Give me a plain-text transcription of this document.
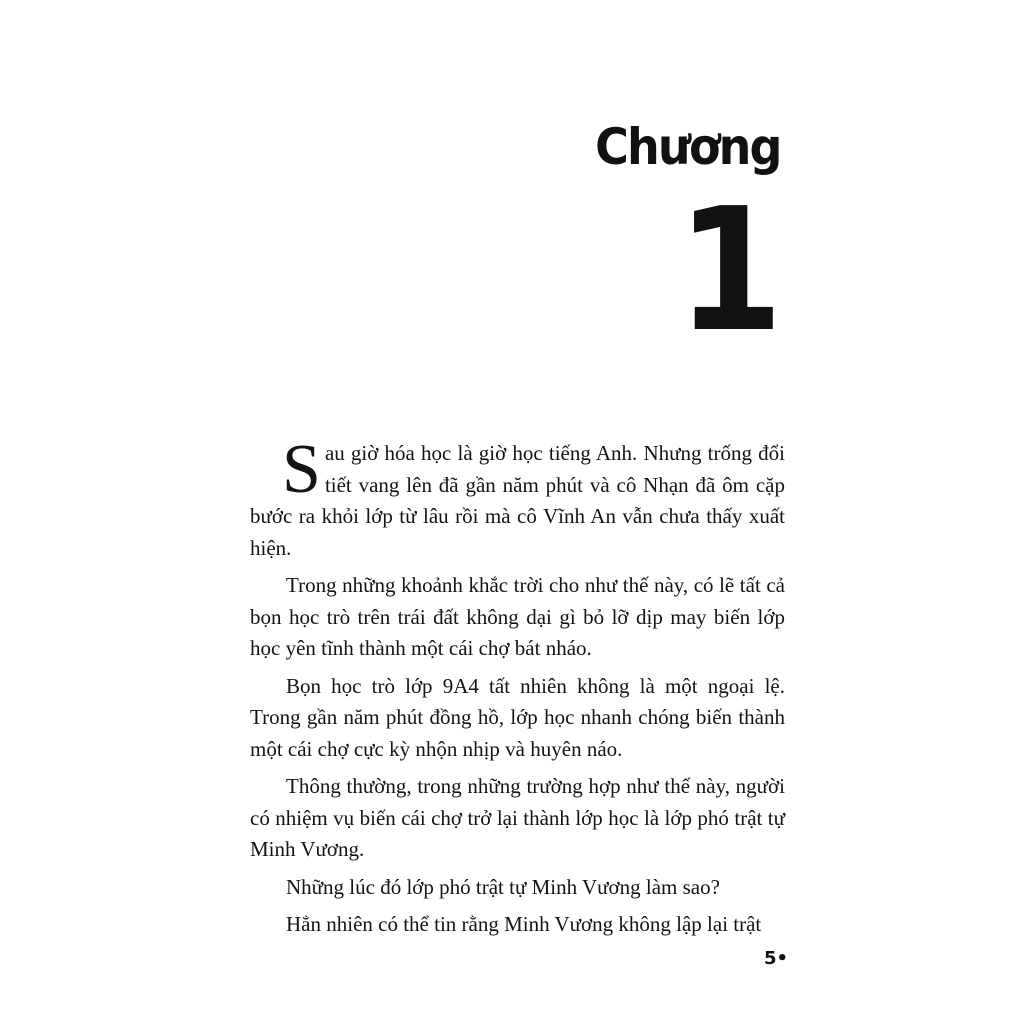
Chương
1

Sau giờ hóa học là giờ học tiếng Anh. Nhưng trống đổi tiết vang lên đã gần năm phút và cô Nhạn đã ôm cặp bước ra khỏi lớp từ lâu rồi mà cô Vĩnh An vẫn chưa thấy xuất hiện.

Trong những khoảnh khắc trời cho như thế này, có lẽ tất cả bọn học trò trên trái đất không dại gì bỏ lỡ dịp may biến lớp học yên tĩnh thành một cái chợ bát nháo.

Bọn học trò lớp 9A4 tất nhiên không là một ngoại lệ. Trong gần năm phút đồng hồ, lớp học nhanh chóng biến thành một cái chợ cực kỳ nhộn nhịp và huyên náo.

Thông thường, trong những trường hợp như thế này, người có nhiệm vụ biến cái chợ trở lại thành lớp học là lớp phó trật tự Minh Vương.

Những lúc đó lớp phó trật tự Minh Vương làm sao?

Hẳn nhiên có thể tin rằng Minh Vương không lập lại trật

5•
